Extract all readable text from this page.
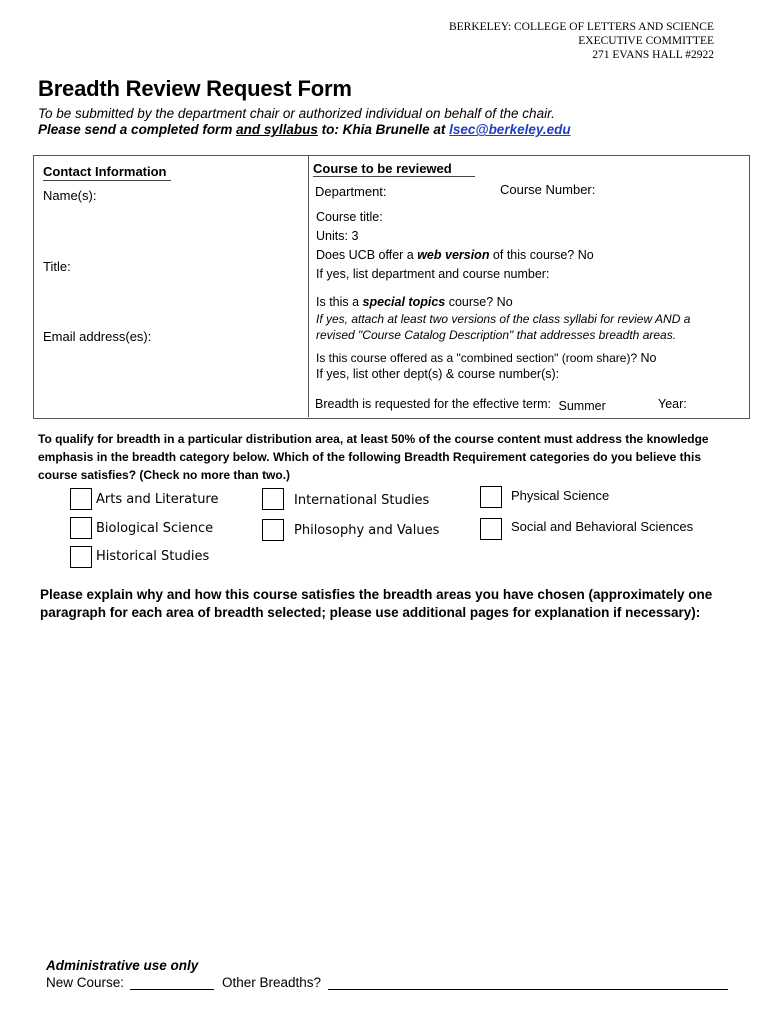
BERKELEY: COLLEGE OF LETTERS AND SCIENCE
EXECUTIVE COMMITTEE
271 EVANS HALL #2922
Breadth Review Request Form
To be submitted by the department chair or authorized individual on behalf of the chair.
Please send a completed form and syllabus to: Khia Brunelle at lsec@berkeley.edu
Contact Information
Name(s):
Title:
Email address(es):
Course to be reviewed
Department:	Course Number:
Course title:
Units: 3
Does UCB offer a web version of this course? No
If yes, list department and course number:
Is this a special topics course? No
If yes, attach at least two versions of the class syllabi for review AND a
revised "Course Catalog Description" that addresses breadth areas.
Is this course offered as a "combined section" (room share)? No
If yes, list other dept(s) & course number(s):
Breadth is requested for the effective term: Summer	Year:
To qualify for breadth in a particular distribution area, at least 50% of the course content must address the knowledge emphasis in the breadth category below. Which of the following Breadth Requirement categories do you believe this course satisfies? (Check no more than two.)
Arts and Literature
Biological Science
Historical Studies
International Studies
Philosophy and Values
Physical Science
Social and Behavioral Sciences
Please explain why and how this course satisfies the breadth areas you have chosen (approximately one paragraph for each area of breadth selected; please use additional pages for explanation if necessary):
Administrative use only
New Course:	Other Breadths?
